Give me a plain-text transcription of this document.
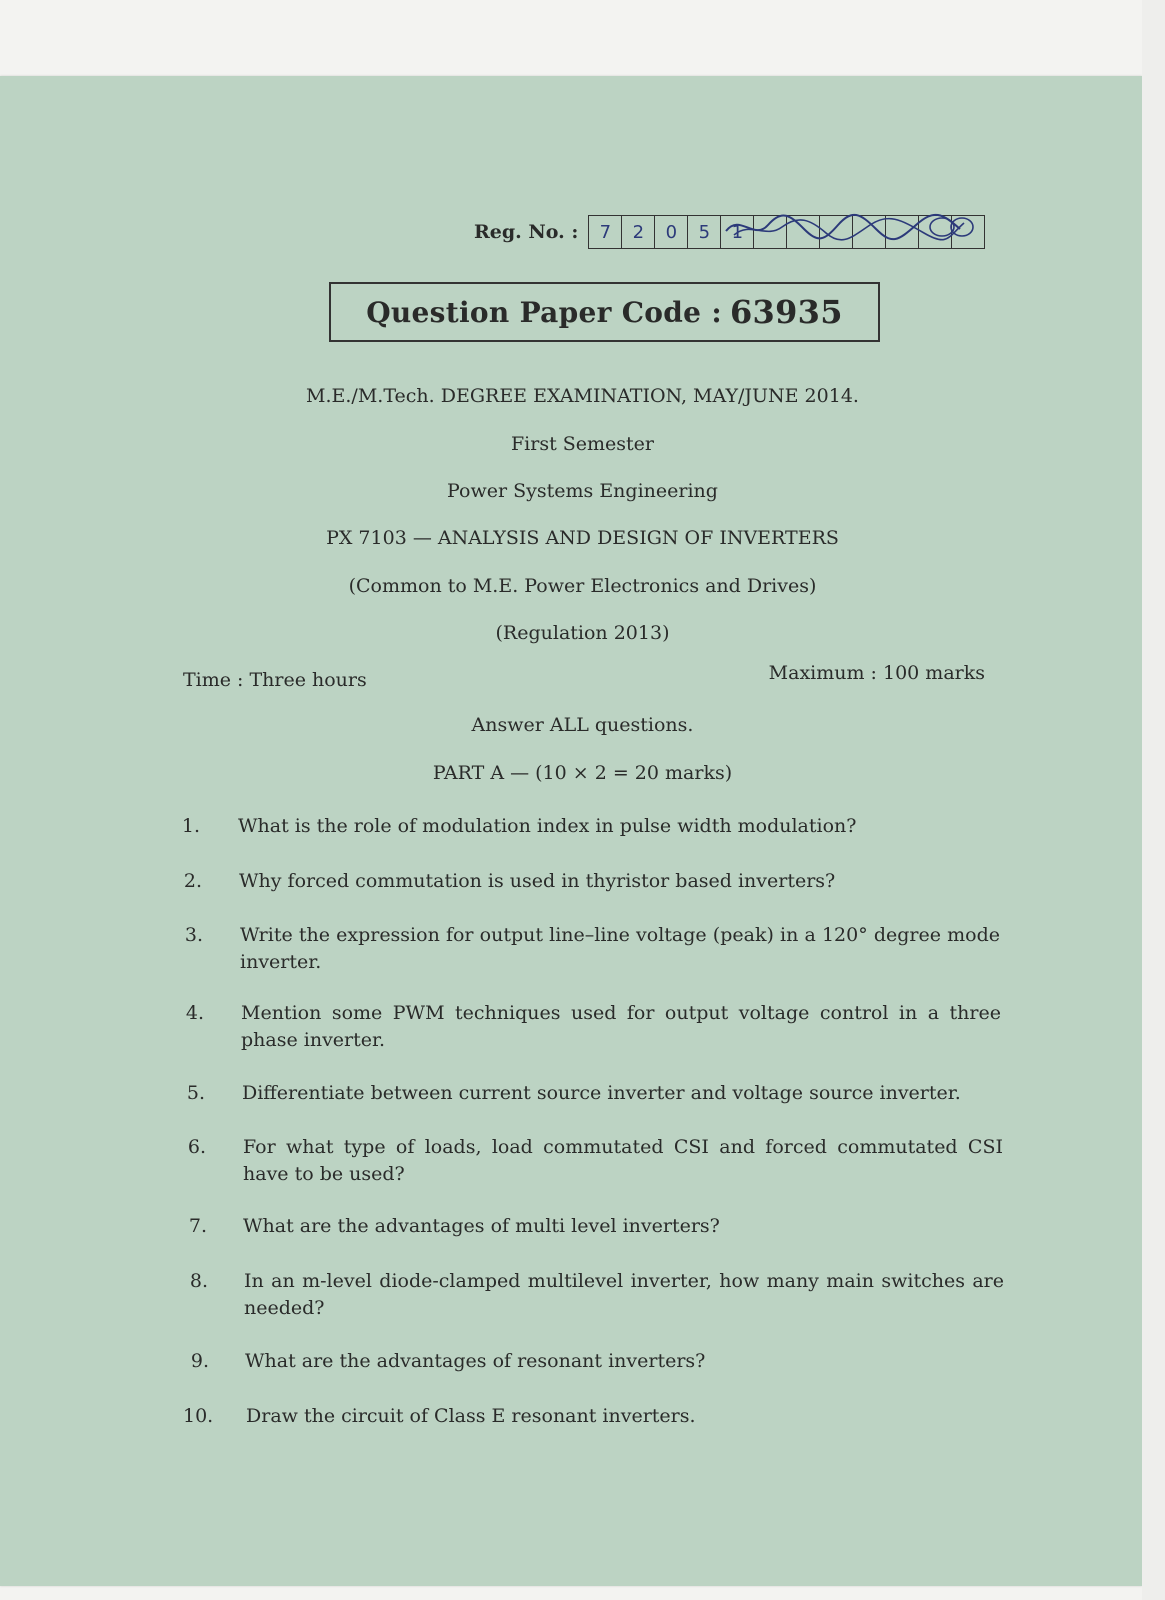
Reg. No. :	7	2	0	5	1
Question Paper Code : 63935
M.E./M.Tech. DEGREE EXAMINATION, MAY/JUNE 2014.
First Semester
Power Systems Engineering
PX 7103 — ANALYSIS AND DESIGN OF INVERTERS
(Common to M.E. Power Electronics and Drives)
(Regulation 2013)
Time : Three hours	Maximum : 100 marks
Answer ALL questions.
PART A — (10 × 2 = 20 marks)
1. What is the role of modulation index in pulse width modulation?
2. Why forced commutation is used in thyristor based inverters?
3. Write the expression for output line–line voltage (peak) in a 120° degree mode inverter.
4. Mention some PWM techniques used for output voltage control in a three phase inverter.
5. Differentiate between current source inverter and voltage source inverter.
6. For what type of loads, load commutated CSI and forced commutated CSI have to be used?
7. What are the advantages of multi level inverters?
8. In an m-level diode-clamped multilevel inverter, how many main switches are needed?
9. What are the advantages of resonant inverters?
10. Draw the circuit of Class E resonant inverters.
